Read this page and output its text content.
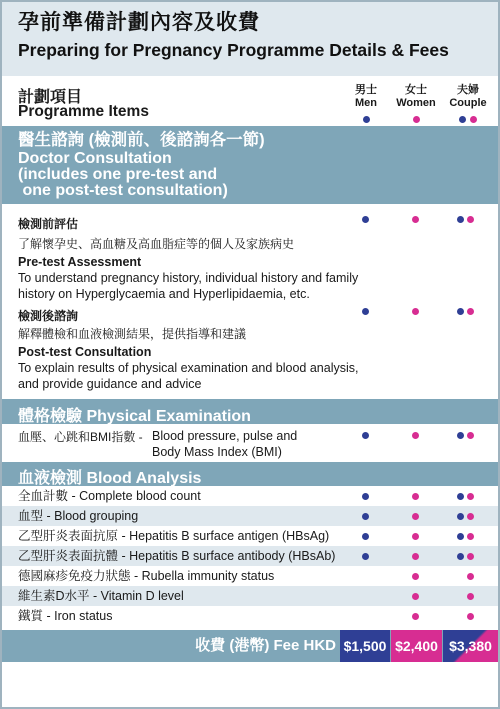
孕前準備計劃內容及收費
Preparing for Pregnancy Programme Details & Fees
計劃項目
Programme Items
男士
Men
女士
Women
夫婦
Couple

醫生諮詢 (檢測前、後諮詢各一節)
Doctor Consultation
(includes one pre-test and
one post-test consultation)
檢測前評估
了解懷孕史、高血糖及高血脂症等的個人及家族病史
Pre-test Assessment
To understand pregnancy history, individual history and family history on Hyperglycaemia and Hyperlipidaemia, etc.
檢測後諮詢
解釋體檢和血液檢測結果，提供指導和建議
Post-test Consultation
To explain results of physical examination and blood analysis, and provide guidance and advice
體格檢驗 Physical Examination
血壓、心跳和BMI指數 - Blood pressure, pulse and Body Mass Index (BMI)
血液檢測 Blood Analysis
全血計數 - Complete blood count
血型 - Blood grouping
乙型肝炎表面抗原 - Hepatitis B surface antigen (HBsAg)
乙型肝炎表面抗體 - Hepatitis B surface antibody (HBsAb)
德國麻疹免疫力狀態 - Rubella immunity status
維生素D水平 - Vitamin D level
鐵質 - Iron status
收費 (港幣) Fee HKD $1,500 $2,400 $3,380
